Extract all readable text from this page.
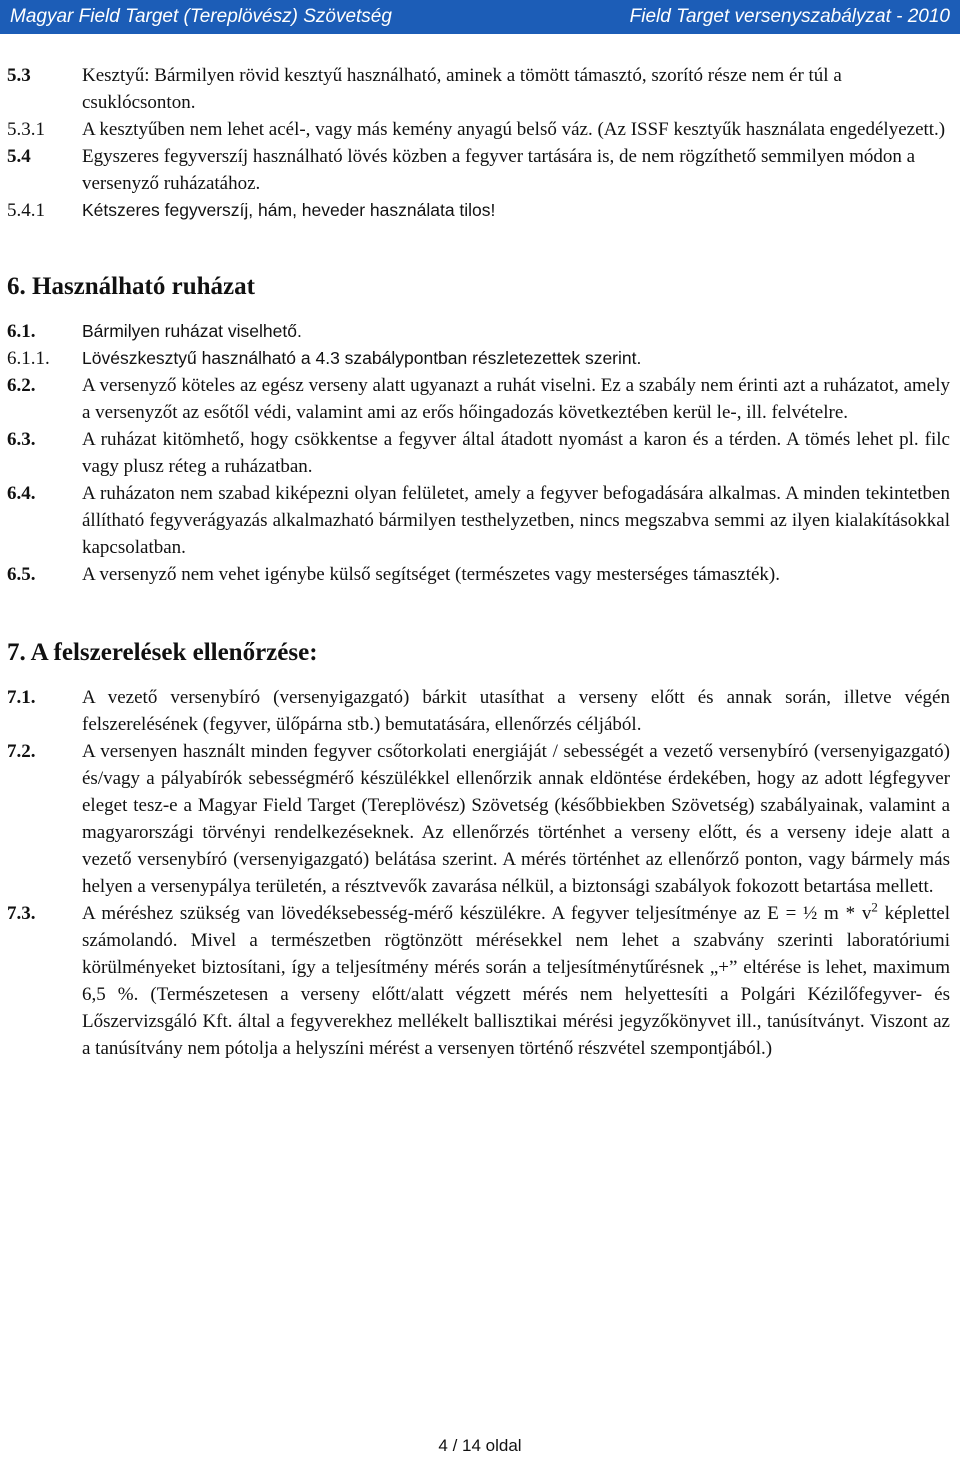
Magyar Field Target (Tereplövész) Szövetség	Field Target versenyszabályzat - 2010
5.3	Kesztyű: Bármilyen rövid kesztyű használható, aminek a tömött támasztó, szorító része nem ér túl a csuklócsonton.
5.3.1	A kesztyűben nem lehet acél-, vagy más kemény anyagú belső váz. (Az ISSF kesztyűk használata engedélyezett.)
5.4	Egyszeres fegyverszíj használható lövés közben a fegyver tartására is, de nem rögzíthető semmilyen módon a versenyző ruházatához.
5.4.1	Kétszeres fegyverszíj, hám, heveder használata tilos!
6. Használható ruházat
6.1.	Bármilyen ruházat viselhető.
6.1.1.	Lövészkesztyű használható a 4.3 szabálypontban részletezettek szerint.
6.2.	A versenyző köteles az egész verseny alatt ugyanazt a ruhát viselni. Ez a szabály nem érinti azt a ruházatot, amely a versenyzőt az esőtől védi, valamint ami az erős hőingadozás következtében kerül le-, ill. felvételre.
6.3.	A ruházat kitömhető, hogy csökkentse a fegyver által átadott nyomást a karon és a térden. A tömés lehet pl. filc vagy plusz réteg a ruházatban.
6.4.	A ruházaton nem szabad kiképezni olyan felületet, amely a fegyver befogadására alkalmas. A minden tekintetben állítható fegyverágyazás alkalmazható bármilyen testhelyzetben, nincs megszabva semmi az ilyen kialakításokkal kapcsolatban.
6.5.	A versenyző nem vehet igénybe külső segítséget (természetes vagy mesterséges támaszték).
7. A felszerelések ellenőrzése:
7.1.	A vezető versenybíró (versenyigazgató) bárkit utasíthat a verseny előtt és annak során, illetve végén felszerelésének (fegyver, ülőpárna stb.) bemutatására, ellenőrzés céljából.
7.2.	A versenyen használt minden fegyver csőtorkolati energiáját / sebességét a vezető versenybíró (versenyigazgató) és/vagy a pályabírók sebességmérő készülékkel ellenőrzik annak eldöntése érdekében, hogy az adott légfegyver eleget tesz-e a Magyar Field Target (Tereplövész) Szövetség (későbbiekben Szövetség) szabályainak, valamint a magyarországi törvényi rendelkezéseknek. Az ellenőrzés történhet a verseny előtt, és a verseny ideje alatt a vezető versenybíró (versenyigazgató) belátása szerint. A mérés történhet az ellenőrző ponton, vagy bármely más helyen a versenypálya területén, a résztvevők zavarása nélkül, a biztonsági szabályok fokozott betartása mellett.
7.3.	A méréshez szükség van lövedéksebesség-mérő készülékre. A fegyver teljesítménye az E = ½ m * $v^2$ képlettel számolandó. Mivel a természetben rögtönzött mérésekkel nem lehet a szabvány szerinti laboratóriumi körülményeket biztosítani, így a teljesítmény mérés során a teljesítménytűrésnek „+” eltérése is lehet, maximum 6,5 %. (Természetesen a verseny előtt/alatt végzett mérés nem helyettesíti a Polgári Kézilőfegyver- és Lőszervizsgáló Kft. által a fegyverekhez mellékelt ballisztikai mérési jegyzőkönyvet ill., tanúsítványt. Viszont az a tanúsítvány nem pótolja a helyszíni mérést a versenyen történő részvétel szempontjából.)
4 / 14 oldal
